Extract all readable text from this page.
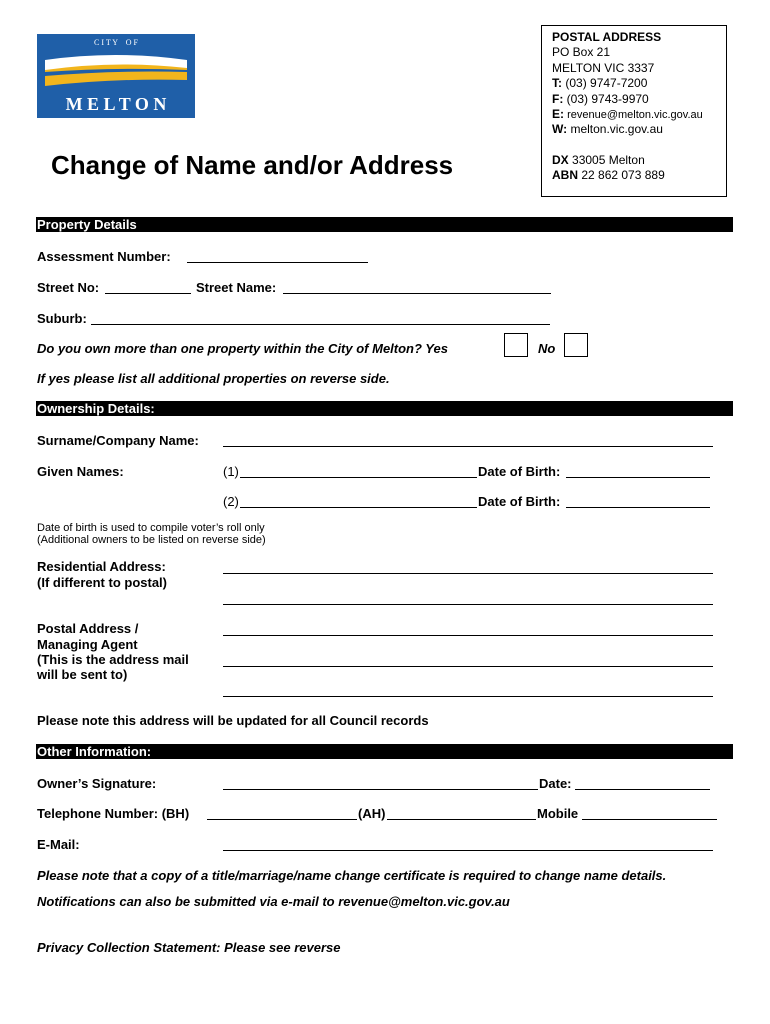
C I T Y    O F
M E L T O N
Change of Name and/or Address
POSTAL ADDRESS
PO Box 21
MELTON VIC 3337
T: (03) 9747-7200
F: (03) 9743-9970
E: revenue@melton.vic.gov.au
W: melton.vic.gov.au
DX 33005 Melton
ABN 22 862 073 889
Property Details
Assessment Number:
Street No:	Street Name:
Suburb:
Do you own more than one property within the City of Melton? Yes	No
If yes please list all additional properties on reverse side.
Ownership Details:
Surname/Company Name:
Given Names:	(1)	Date of Birth:
(2)	Date of Birth:
Date of birth is used to compile voter’s roll only
(Additional owners to be listed on reverse side)
Residential Address:
(If different to postal)
Postal Address /
Managing Agent
(This is the address mail
will be sent to)
Please note this address will be updated for all Council records
Other Information:
Owner’s Signature:	Date:
Telephone Number: (BH)	(AH)	Mobile
E-Mail:
Please note that a copy of a title/marriage/name change certificate is required to change name details.
Notifications can also be submitted via e-mail to revenue@melton.vic.gov.au
Privacy Collection Statement: Please see reverse
